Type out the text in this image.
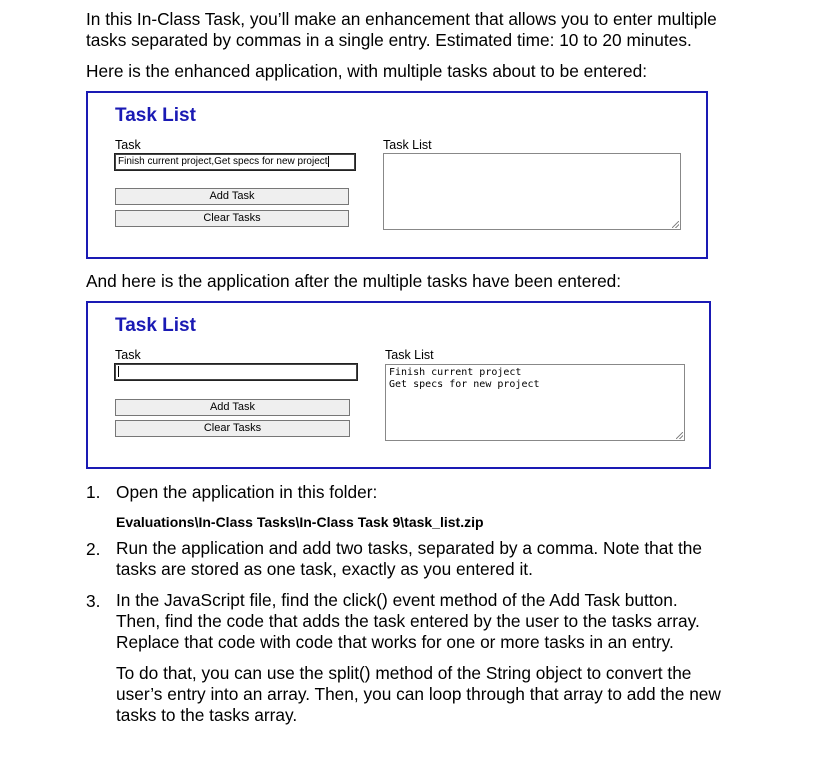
In this In-Class Task, you’ll make an enhancement that allows you to enter multiple
tasks separated by commas in a single entry. Estimated time: 10 to 20 minutes.

Here is the enhanced application, with multiple tasks about to be entered:

Task List
Task
Finish current project,Get specs for new project
Add Task
Clear Tasks
Task List

And here is the application after the multiple tasks have been entered:

Task List
Task
Add Task
Clear Tasks
Task List
Finish current project
Get specs for new project
1. Open the application in this folder:

Evaluations\In-Class Tasks\In-Class Task 9\task_list.zip
2. Run the application and add two tasks, separated by a comma. Note that the
tasks are stored as one task, exactly as you entered it.

3. In the JavaScript file, find the click() event method of the Add Task button.
Then, find the code that adds the task entered by the user to the tasks array.
Replace that code with code that works for one or more tasks in an entry.

To do that, you can use the split() method of the String object to convert the
user’s entry into an array. Then, you can loop through that array to add the new
tasks to the tasks array.
